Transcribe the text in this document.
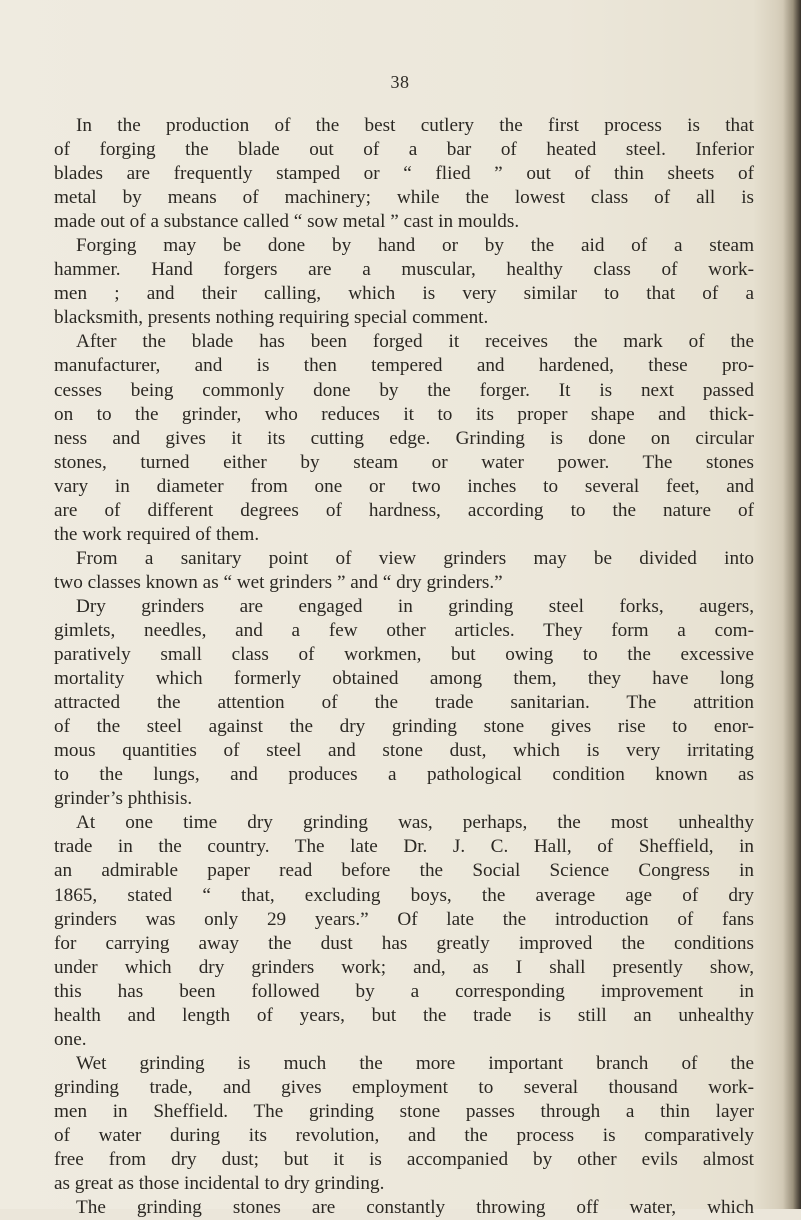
38
In the production of the best cutlery the first process is that
of forging the blade out of a bar of heated steel. Inferior
blades are frequently stamped or “ flied ” out of thin sheets of
metal by means of machinery; while the lowest class of all is
made out of a substance called “ sow metal ” cast in moulds.
Forging may be done by hand or by the aid of a steam
hammer. Hand forgers are a muscular, healthy class of work-
men ; and their calling, which is very similar to that of a
blacksmith, presents nothing requiring special comment.
After the blade has been forged it receives the mark of the
manufacturer, and is then tempered and hardened, these pro-
cesses being commonly done by the forger. It is next passed
on to the grinder, who reduces it to its proper shape and thick-
ness and gives it its cutting edge. Grinding is done on circular
stones, turned either by steam or water power. The stones
vary in diameter from one or two inches to several feet, and
are of different degrees of hardness, according to the nature of
the work required of them.
From a sanitary point of view grinders may be divided into
two classes known as “ wet grinders ” and “ dry grinders.”
Dry grinders are engaged in grinding steel forks, augers,
gimlets, needles, and a few other articles. They form a com-
paratively small class of workmen, but owing to the excessive
mortality which formerly obtained among them, they have long
attracted the attention of the trade sanitarian. The attrition
of the steel against the dry grinding stone gives rise to enor-
mous quantities of steel and stone dust, which is very irritating
to the lungs, and produces a pathological condition known as
grinder’s phthisis.
At one time dry grinding was, perhaps, the most unhealthy
trade in the country. The late Dr. J. C. Hall, of Sheffield, in
an admirable paper read before the Social Science Congress in
1865, stated “ that, excluding boys, the average age of dry
grinders was only 29 years.” Of late the introduction of fans
for carrying away the dust has greatly improved the conditions
under which dry grinders work; and, as I shall presently show,
this has been followed by a corresponding improvement in
health and length of years, but the trade is still an unhealthy
one.
Wet grinding is much the more important branch of the
grinding trade, and gives employment to several thousand work-
men in Sheffield. The grinding stone passes through a thin layer
of water during its revolution, and the process is comparatively
free from dry dust; but it is accompanied by other evils almost
as great as those incidental to dry grinding.
The grinding stones are constantly throwing off water, which
